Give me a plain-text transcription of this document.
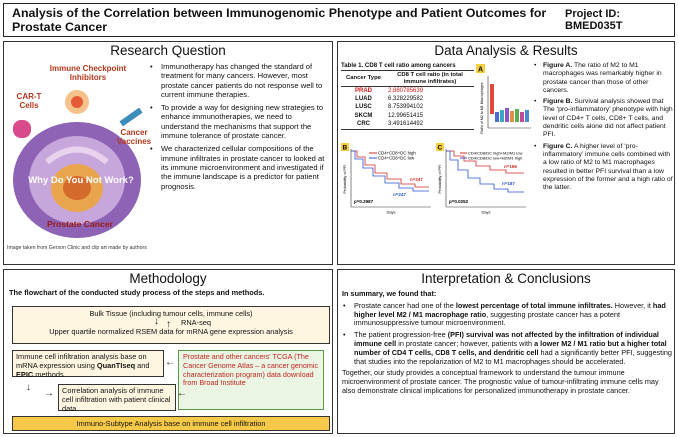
Analysis of the Correlation between Immunogenomic Phenotype and Patient Outcomes for Prostate Cancer
Project ID: BMED035T
Research Question
Immune Checkpoint Inhibitors
CAR-T Cells
Cancer Vaccines
Why Do You Not Work?
Prostate Cancer
Image taken from Gerson Clinic and clip art made by authors
• Immunotherapy has changed the standard of treatment for many cancers. However, most prostate cancer patients do not response well to current immune therapies.
• To provide a way for designing new strategies to enhance immunotherapies, we need to understand the mechanisms that support the immune tolerance of prostate cancer.
• We characterized cellular compositions of the immune infiltrates in prostate cancer to looked at its immune microenvironment and investigated if the immune landscape is a predictor for patient prognosis.
Data Analysis & Results
Table 1. CD8 T cell ratio among cancers
Cancer Type	CD8 T cell ratio (in total immune infiltrates)
PRAD	2.880785639
LUAD	6.328229582
LUSC	8.753994102
SKCM	12.99651415
CRC	3.491614492
A
Ratio of M2 to M1 Macrophages
B
Probability of PFI
CD4+CD8+DC high
CD4+CD8+DC low
n=247
n=247
p=0.2987
Days
C
Probability of PFI
CD4/CD8/DC high+M2/M1 low
CD4/CD8/DC low+M2/M1 high
n=166
n=187
p=0.0252
Days
• Figure A. The ratio of M2 to M1 macrophages was remarkably higher in prostate cancer than those of other cancers.
• Figure B. Survival analysis showed that The ‘pro-inflammatory’ phenotype with high level of CD4+ T cells, CD8+ T cells, and dendritic cells alone did not affect patient PFI.
• Figure C. A higher level of ‘pro-inflammatory’ immune cells combined with a low ratio of M2 to M1 macrophages resulted in better PFI survival than a low expression of the former and a high ratio of the latter.
Methodology
The flowchart of the conducted study process of the steps and methods.
Bulk Tissue (including tumour cells, immune cells)
RNA-seq
Upper quartile normalized RSEM data for mRNA gene expression analysis
↓
Immune cell infiltration analysis base on mRNA expression using QuanTIseq and EPIC methods
←
Prostate and other cancers' TCGA (The Cancer Genome Atlas – a cancer genomic characterization program) data download from Broad Institute
↑
↓
→	Correlation analysis of immune cell infiltration with patient clinical data
←
Immuno-Subtype Analysis base on immune cell infiltration
Interpretation & Conclusions
In summary, we found that:
• Prostate cancer had one of the lowest percentage of total immune infiltrates. However, it had higher level M2 / M1 macrophage ratio, suggesting prostate cancer has a potent immunosuppressive tumour microenvironment.
• The patient progression-free (PFI) survival was not affected by the infiltration of individual immune cell in prostate cancer; however, patients with a lower M2 / M1 ratio but a higher total number of CD4 T cells, CD8 T cells, and dendritic cell had a significantly better PFI, suggesting that studies into the repolarization of M2 to M1 macrophages should be accelerated.
Together, our study provides a conceptual framework to understand the tumour immune microenvironment of prostate cancer. The prognostic value of tumour-infiltrating immune cells may also demonstrate clinical implications for personalized immunotherapy in prostate cancer.
